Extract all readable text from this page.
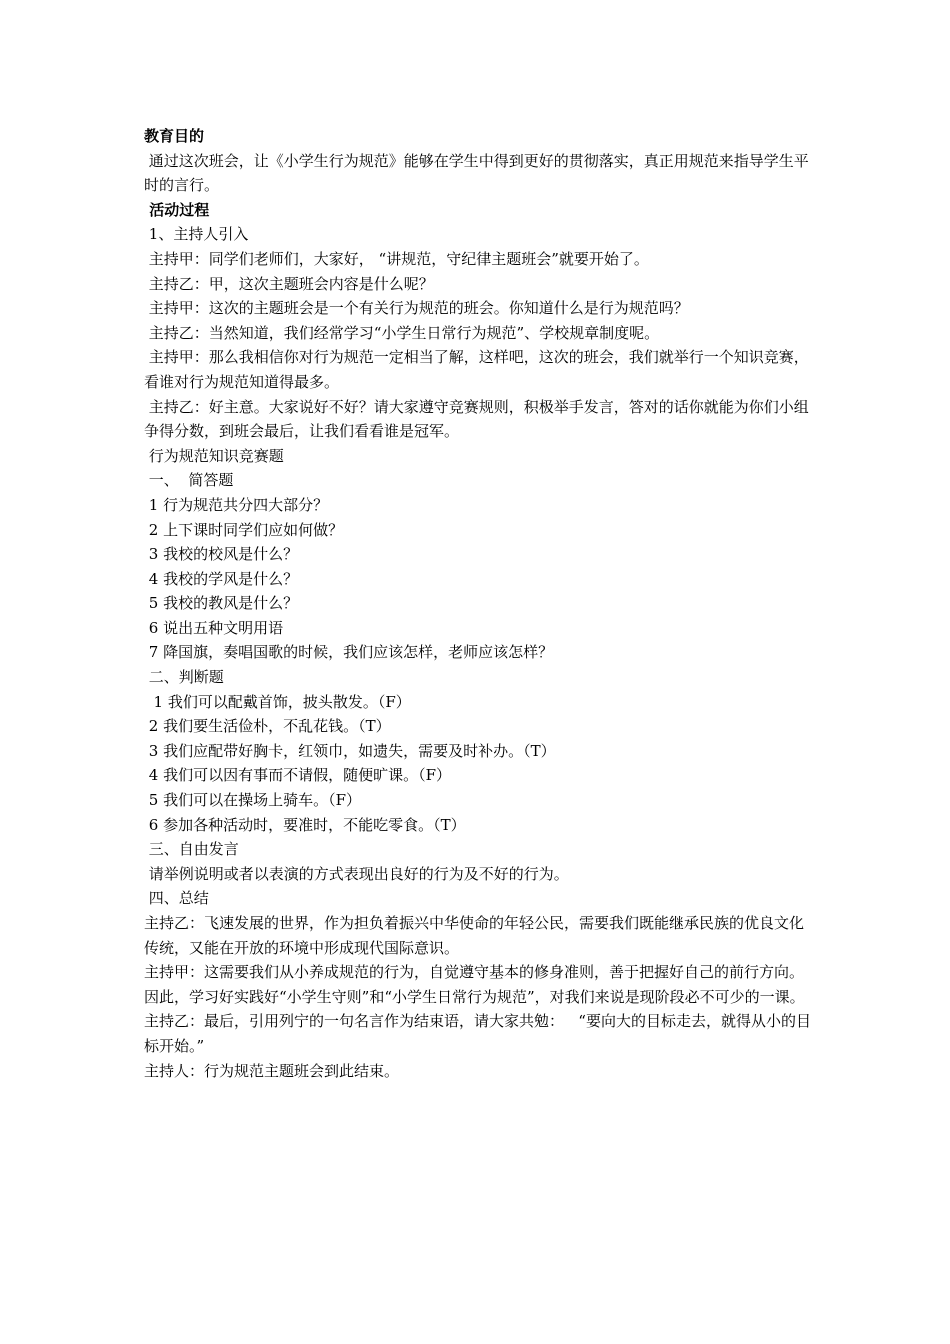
教育目的

通过这次班会，让《小学生行为规范》能够在学生中得到更好的贯彻落实，真正用规范来指导学生平时的言行。

活动过程

1、主持人引入

主持甲：同学们老师们，大家好， “讲规范，守纪律主题班会”就要开始了。

主持乙：甲，这次主题班会内容是什么呢？

主持甲：这次的主题班会是一个有关行为规范的班会。你知道什么是行为规范吗？

主持乙：当然知道，我们经常学习“小学生日常行为规范”、学校规章制度呢。

主持甲：那么我相信你对行为规范一定相当了解，这样吧，这次的班会，我们就举行一个知识竞赛，看谁对行为规范知道得最多。

主持乙：好主意。大家说好不好？请大家遵守竞赛规则，积极举手发言，答对的话你就能为你们小组争得分数，到班会最后，让我们看看谁是冠军。

行为规范知识竞赛题

一、  简答题

1 行为规范共分四大部分？

2 上下课时同学们应如何做？

3 我校的校风是什么？

4 我校的学风是什么？

5 我校的教风是什么？

6 说出五种文明用语

7 降国旗，奏唱国歌的时候，我们应该怎样，老师应该怎样？

二、判断题

1 我们可以配戴首饰，披头散发。（F）

2 我们要生活俭朴，不乱花钱。（T）

3 我们应配带好胸卡，红领巾，如遗失，需要及时补办。（T）

4 我们可以因有事而不请假，随便旷课。（F）

5 我们可以在操场上骑车。（F）

6 参加各种活动时，要准时，不能吃零食。（T）

三、自由发言

请举例说明或者以表演的方式表现出良好的行为及不好的行为。

四、总结

主持乙：飞速发展的世界，作为担负着振兴中华使命的年轻公民，需要我们既能继承民族的优良文化传统，又能在开放的环境中形成现代国际意识。

主持甲：这需要我们从小养成规范的行为，自觉遵守基本的修身准则，善于把握好自己的前行方向。因此，学习好实践好“小学生守则”和“小学生日常行为规范”，对我们来说是现阶段必不可少的一课。

主持乙：最后，引用列宁的一句名言作为结束语，请大家共勉：   “要向大的目标走去，就得从小的目标开始。”

主持人：行为规范主题班会到此结束。
